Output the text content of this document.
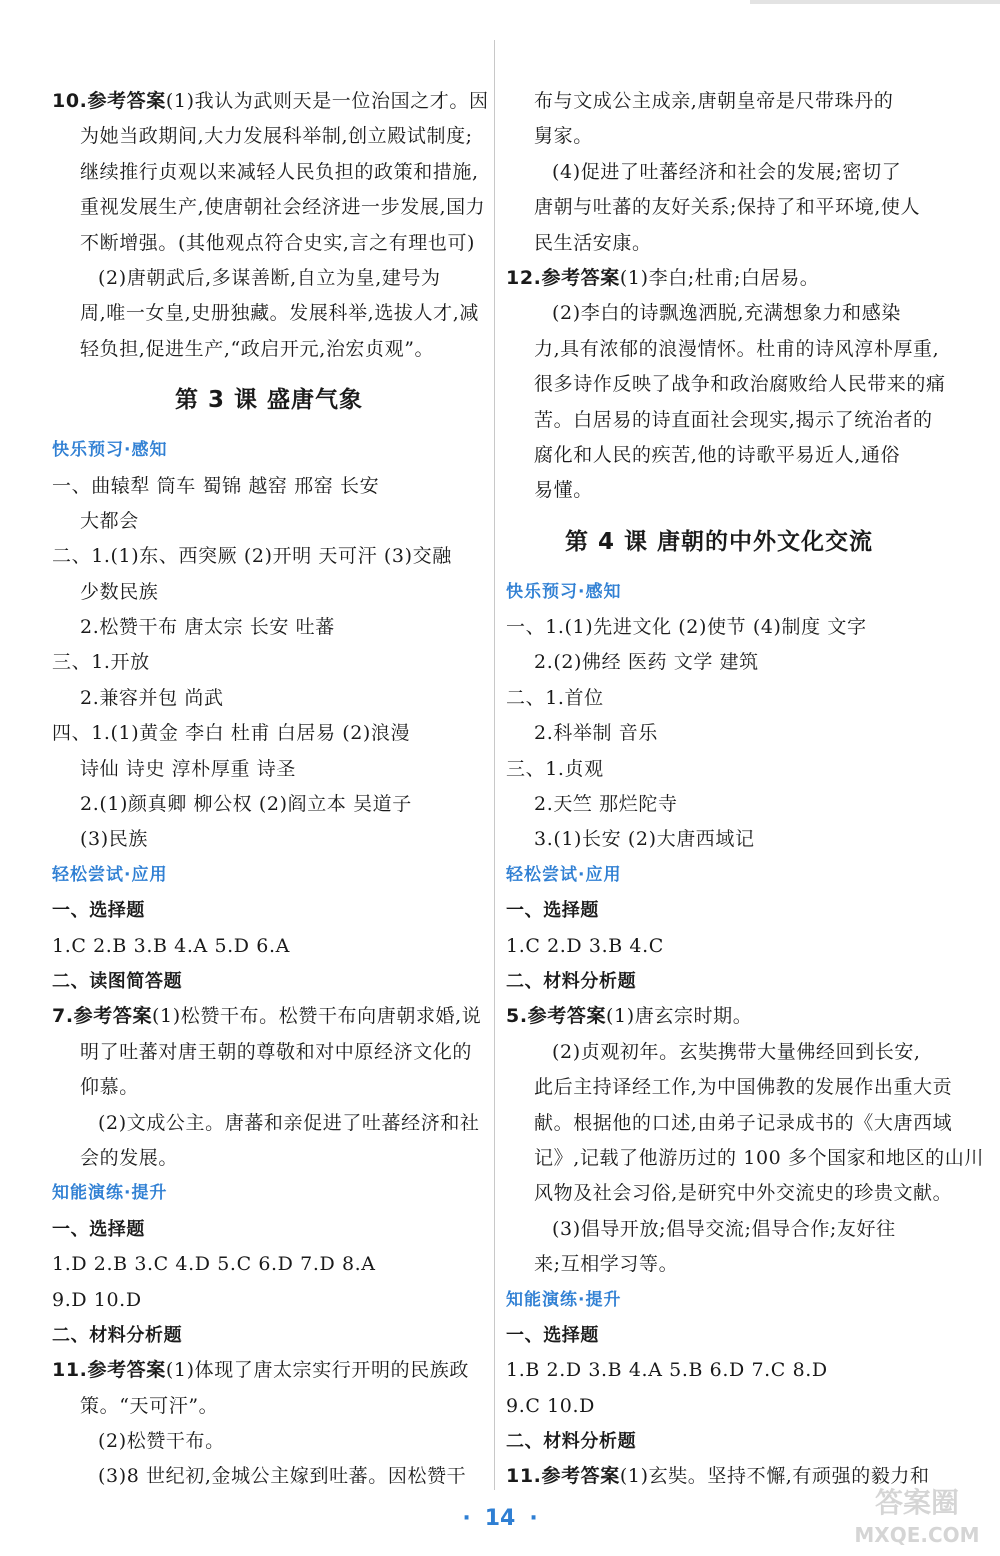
10.参考答案(1)我认为武则天是一位治国之才。因
为她当政期间,大力发展科举制,创立殿试制度;
继续推行贞观以来减轻人民负担的政策和措施,
重视发展生产,使唐朝社会经济进一步发展,国力
不断增强。(其他观点符合史实,言之有理也可)
(2)唐朝武后,多谋善断,自立为皇,建号为
周,唯一女皇,史册独藏。发展科举,选拔人才,减
轻负担,促进生产,“政启开元,治宏贞观”。
第 3 课 盛唐气象
快乐预习·感知
一、曲辕犁 筒车 蜀锦 越窑 邢窑 长安
大都会
二、1.(1)东、西突厥 (2)开明 天可汗 (3)交融
少数民族
2.松赞干布 唐太宗 长安 吐蕃
三、1.开放
2.兼容并包 尚武
四、1.(1)黄金 李白 杜甫 白居易 (2)浪漫
诗仙 诗史 淳朴厚重 诗圣
2.(1)颜真卿 柳公权 (2)阎立本 吴道子
(3)民族
轻松尝试·应用
一、选择题
1.C 2.B 3.B 4.A 5.D 6.A
二、读图简答题
7.参考答案(1)松赞干布。松赞干布向唐朝求婚,说
明了吐蕃对唐王朝的尊敬和对中原经济文化的
仰慕。
(2)文成公主。唐蕃和亲促进了吐蕃经济和社
会的发展。
知能演练·提升
一、选择题
1.D 2.B 3.C 4.D 5.C 6.D 7.D 8.A
9.D 10.D
二、材料分析题
11.参考答案(1)体现了唐太宗实行开明的民族政
策。“天可汗”。
(2)松赞干布。
(3)8 世纪初,金城公主嫁到吐蕃。因松赞干
布与文成公主成亲,唐朝皇帝是尺带珠丹的
舅家。
(4)促进了吐蕃经济和社会的发展;密切了
唐朝与吐蕃的友好关系;保持了和平环境,使人
民生活安康。
12.参考答案(1)李白;杜甫;白居易。
(2)李白的诗飘逸洒脱,充满想象力和感染
力,具有浓郁的浪漫情怀。杜甫的诗风淳朴厚重,
很多诗作反映了战争和政治腐败给人民带来的痛
苦。白居易的诗直面社会现实,揭示了统治者的
腐化和人民的疾苦,他的诗歌平易近人,通俗
易懂。
第 4 课 唐朝的中外文化交流
快乐预习·感知
一、1.(1)先进文化 (2)使节 (4)制度 文字
2.(2)佛经 医药 文学 建筑
二、1.首位
2.科举制 音乐
三、1.贞观
2.天竺 那烂陀寺
3.(1)长安 (2)大唐西域记
轻松尝试·应用
一、选择题
1.C 2.D 3.B 4.C
二、材料分析题
5.参考答案(1)唐玄宗时期。
(2)贞观初年。玄奘携带大量佛经回到长安,
此后主持译经工作,为中国佛教的发展作出重大贡
献。根据他的口述,由弟子记录成书的《大唐西域
记》,记载了他游历过的 100 多个国家和地区的山川
风物及社会习俗,是研究中外交流史的珍贵文献。
(3)倡导开放;倡导交流;倡导合作;友好往
来;互相学习等。
知能演练·提升
一、选择题
1.B 2.D 3.B 4.A 5.B 6.D 7.C 8.D
9.C 10.D
二、材料分析题
11.参考答案(1)玄奘。坚持不懈,有顽强的毅力和
· 14 ·	答案圈
MXQE.COM
